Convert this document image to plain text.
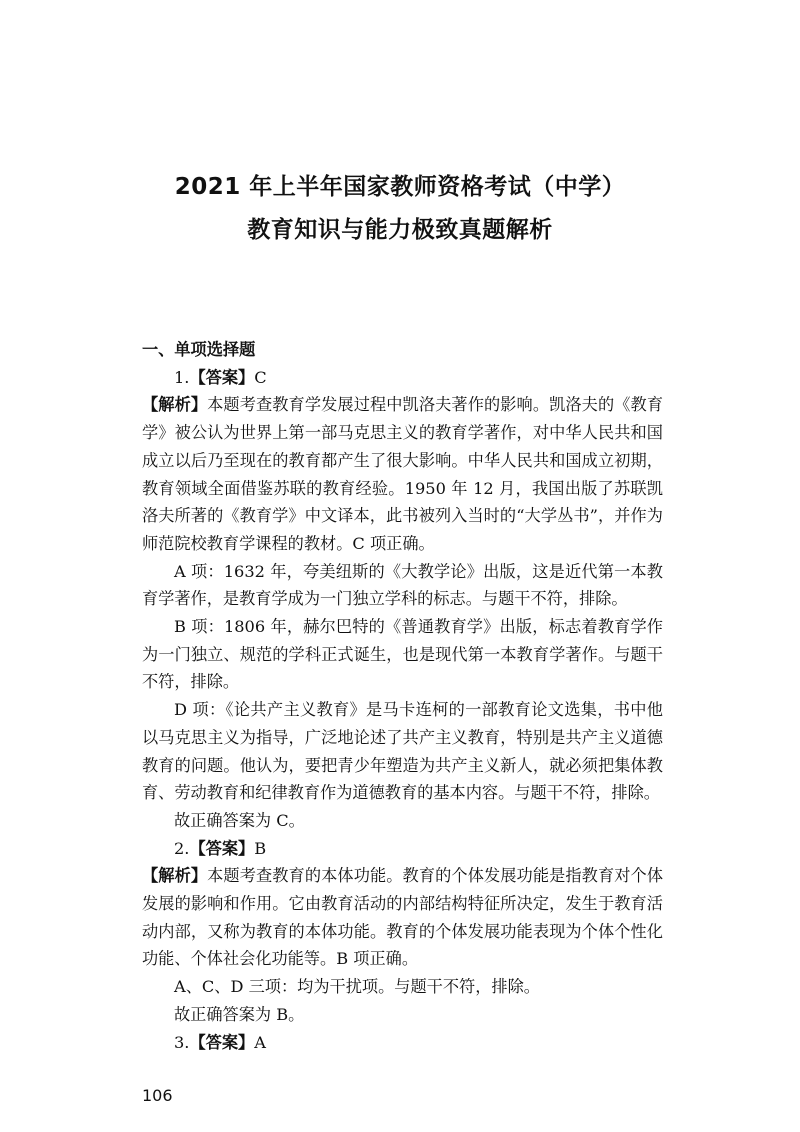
2021 年上半年国家教师资格考试（中学）
教育知识与能力极致真题解析

一、单项选择题

1.【答案】C

【解析】本题考查教育学发展过程中凯洛夫著作的影响。凯洛夫的《教育学》被公认为世界上第一部马克思主义的教育学著作，对中华人民共和国成立以后乃至现在的教育都产生了很大影响。中华人民共和国成立初期，教育领域全面借鉴苏联的教育经验。1950 年 12 月，我国出版了苏联凯洛夫所著的《教育学》中文译本，此书被列入当时的“大学丛书”，并作为师范院校教育学课程的教材。C 项正确。

A 项：1632 年，夸美纽斯的《大教学论》出版，这是近代第一本教育学著作，是教育学成为一门独立学科的标志。与题干不符，排除。

B 项：1806 年，赫尔巴特的《普通教育学》出版，标志着教育学作为一门独立、规范的学科正式诞生，也是现代第一本教育学著作。与题干不符，排除。

D 项：《论共产主义教育》是马卡连柯的一部教育论文选集，书中他以马克思主义为指导，广泛地论述了共产主义教育，特别是共产主义道德教育的问题。他认为，要把青少年塑造为共产主义新人，就必须把集体教育、劳动教育和纪律教育作为道德教育的基本内容。与题干不符，排除。

故正确答案为 C。

2.【答案】B

【解析】本题考查教育的本体功能。教育的个体发展功能是指教育对个体发展的影响和作用。它由教育活动的内部结构特征所决定，发生于教育活动内部，又称为教育的本体功能。教育的个体发展功能表现为个体个性化功能、个体社会化功能等。B 项正确。

A、C、D 三项：均为干扰项。与题干不符，排除。

故正确答案为 B。

3.【答案】A

106
